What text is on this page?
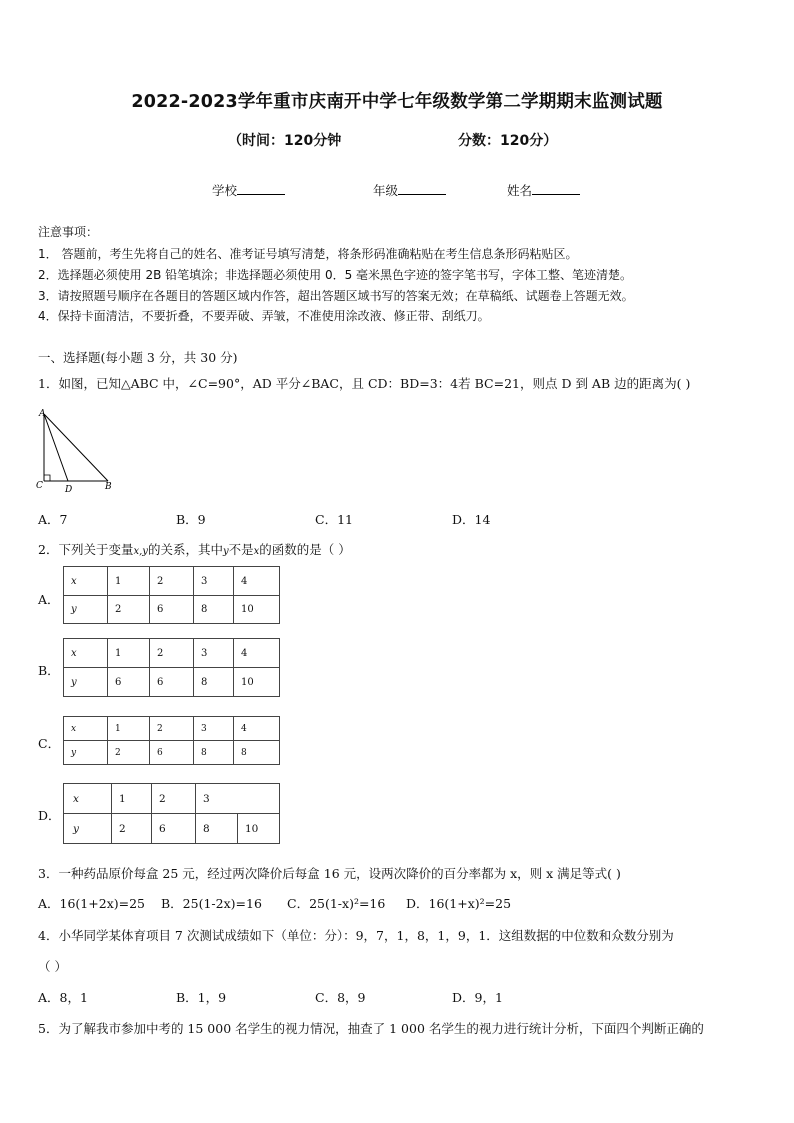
2022-2023学年重市庆南开中学七年级数学第二学期期末监测试题
（时间：120分钟	分数：120分）
学校	年级	姓名
注意事项：
1． 答题前，考生先将自己的姓名、准考证号填写清楚，将条形码准确粘贴在考生信息条形码粘贴区。
2．选择题必须使用 2B 铅笔填涂；非选择题必须使用 0．5 毫米黑色字迹的签字笔书写，字体工整、笔迹清楚。
3．请按照题号顺序在各题目的答题区域内作答，超出答题区域书写的答案无效；在草稿纸、试题卷上答题无效。
4．保持卡面清洁，不要折叠，不要弄破、弄皱，不准使用涂改液、修正带、刮纸刀。
一、选择题(每小题 3 分，共 30 分)
1．如图，已知△ABC 中，∠C=90°，AD 平分∠BAC，且 CD：BD=3：4若 BC=21，则点 D 到 AB 边的距离为( )
A
C D	B
A．7	B．9	C．11	D．14
2．下列关于变量x,y的关系，其中y不是x的函数的是（ ）
A．
x	1	2	3	4
y	2	6	8	10
B．
x	1	2	3	4
y	6	6	8	10
C．
x	1	2	3	4
y	2	6	8	8
D．
x	1	2	3	
y	2	6	8	10
3．一种药品原价每盒 25 元，经过两次降价后每盒 16 元，设两次降价的百分率都为 x，则 x 满足等式( )
A．16(1+2x)=25 B．25(1-2x)=16 C．25(1-x)²=16 D．16(1+x)²=25
4．小华同学某体育项目 7 次测试成绩如下（单位：分）：9，7，1，8，1，9，1．这组数据的中位数和众数分别为
（ ）
A．8，1	B．1，9	C．8，9	D．9，1
5．为了解我市参加中考的 15 000 名学生的视力情况，抽查了 1 000 名学生的视力进行统计分析，下面四个判断正确的
